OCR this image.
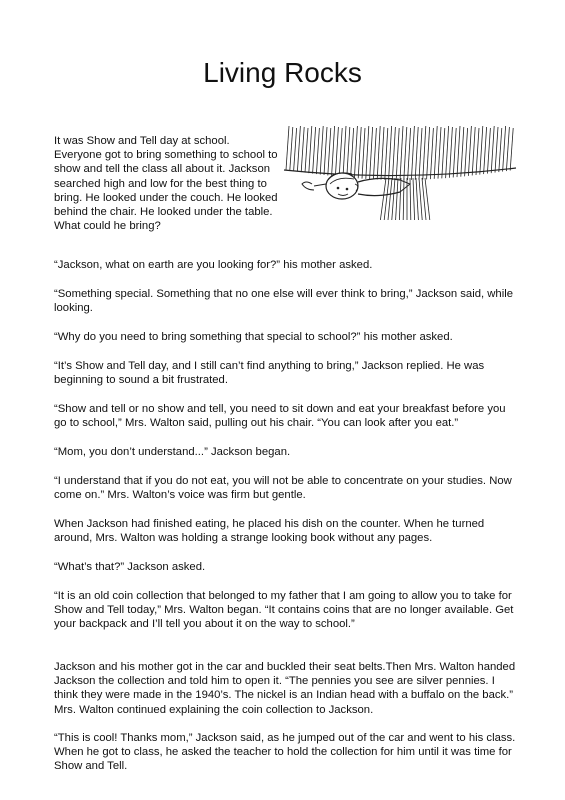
Living Rocks

It was Show and Tell day at school. Everyone got to bring something to school to show and tell the class all about it. Jackson searched high and low for the best thing to bring. He looked under the couch. He looked behind the chair. He looked under the table. What could he bring?

“Jackson, what on earth are you looking for?” his mother asked.

“Something special. Something that no one else will ever think to bring,” Jackson said, while looking.

“Why do you need to bring something that special to school?” his mother asked.

“It’s Show and Tell day, and I still can’t find anything to bring,” Jackson replied. He was beginning to sound a bit frustrated.

“Show and tell or no show and tell, you need to sit down and eat your breakfast before you go to school,” Mrs. Walton said, pulling out his chair. “You can look after you eat.”

“Mom, you don’t understand...” Jackson began.

“I understand that if you do not eat, you will not be able to concentrate on your studies. Now come on.” Mrs. Walton’s voice was firm but gentle.

When Jackson had finished eating, he placed his dish on the counter. When he turned around, Mrs. Walton was holding a strange looking book without any pages.

“What’s that?” Jackson asked.

“It is an old coin collection that belonged to my father that I am going to allow you to take for Show and Tell today,” Mrs. Walton began. “It contains coins that are no longer available. Get your backpack and I’ll tell you about it on the way to school.”

Jackson and his mother got in the car and buckled their seat belts.Then Mrs. Walton handed Jackson the collection and told him to open it. “The pennies you see are silver pennies. I think they were made in the 1940’s. The nickel is an Indian head with a buffalo on the back.” Mrs. Walton continued explaining the coin collection to Jackson.

“This is cool! Thanks mom,” Jackson said, as he jumped out of the car and went to his class. When he got to class, he asked the teacher to hold the collection for him until it was time for Show and Tell.
